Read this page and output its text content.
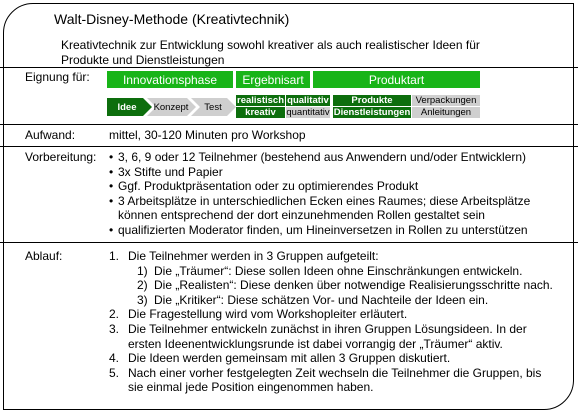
Walt-Disney-Methode (Kreativtechnik)
Kreativtechnik zur Entwicklung sowohl kreativer als auch realistischer Ideen für Produkte und Dienstleistungen
Eignung für:	Innovationsphase	Ergebnisart	Produktart
Idee	Konzept	Test
realistisch qualitativ
kreativ	quantitativ
Produkte	Verpackungen
Dienstleistungen	Anleitungen
Aufwand:	mittel, 30-120 Minuten pro Workshop
Vorbereitung:
•	3, 6, 9 oder 12 Teilnehmer (bestehend aus Anwendern und/oder Entwicklern)
• 3x Stifte und Papier
• Ggf. Produktpräsentation oder zu optimierendes Produkt
• 3 Arbeitsplätze in unterschiedlichen Ecken eines Raumes; diese Arbeitsplätze
können entsprechend der dort einzunehmenden Rollen gestaltet sein
• qualifizierten Moderator finden, um Hineinversetzen in Rollen zu unterstützen
Ablauf:	1. Die Teilnehmer werden in 3 Gruppen aufgeteilt:
1) Die „Träumer“: Diese sollen Ideen ohne Einschränkungen entwickeln.
2) Die „Realisten“: Diese denken über notwendige Realisierungsschritte nach.
3) Die „Kritiker“: Diese schätzen Vor- und Nachteile der Ideen ein.
2. Die Fragestellung wird vom Workshopleiter erläutert.
3. Die Teilnehmer entwickeln zunächst in ihren Gruppen Lösungsideen. In der
ersten Ideenentwicklungsrunde ist dabei vorrangig der „Träumer“ aktiv.
4. Die Ideen werden gemeinsam mit allen 3 Gruppen diskutiert.
5. Nach einer vorher festgelegten Zeit wechseln die Teilnehmer die Gruppen, bis
sie einmal jede Position eingenommen haben.
